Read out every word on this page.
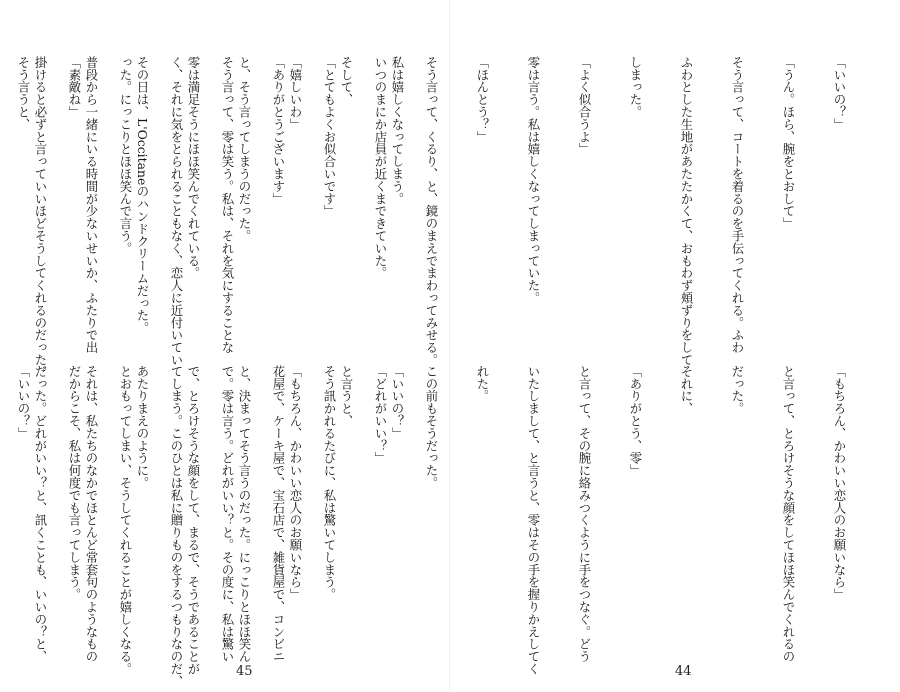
私は嬉しくなってしまう。

そして、

「嬉しいわ」

と、そう言ってしまうのだった。

零は満足そうにほほ笑んでくれている。

その日は、L'Occitaneのハンドクリームだった。

普段から一緒にいる時間が少ないせいか、ふたりで出

掛けると必ずと言っていいほどそうしてくれるのだった。

「いいの？」

と言うと、

「もちろん、かわいい恋人のお願いなら」

と、決まってそう言うのだった。にっこりとほほ笑ん

で、とろけそうな顔をして、まるで、そうであることが

あたりまえのように。

それは、私たちのなかでほとんど常套句のようなもの

だった。どれがいい？と、訊くことも、いいの？と、

45

「いいの？」

「うん。ほら、腕をとおして」

そう言って、コートを着るのを手伝ってくれる。ふわ

ふわとした生地があたたかくて、おもわず頬ずりをして

しまった。

「よく似合うよ」

零は言う。私は嬉しくなってしまっていた。

「ほんとう？」

そう言って、くるり、と、鏡のまえでまわってみせる。

いつのまにか店員が近くまできていた。

「とてもよくお似合いです」

「ありがとうございます」

そう言って、零は笑う。私は、それを気にすることな

く、それに気をとられることもなく、恋人に近付いてい

った。にっこりとほほ笑んで言う。

「素敵ね」

そう言うと、

「もちろん、かわいい恋人のお願いなら」

と言って、とろけそうな顔をしてほほ笑んでくれるの

だった。

それに、

「ありがとう、零」

と言って、その腕に絡みつくように手をつなぐ。どう

いたしまして、と言うと、零はその手を握りかえしてく

れた。

この前もそうだった。

「どれがいい？」

そう訊かれるたびに、私は驚いてしまう。

花屋で、ケーキ屋で、宝石店で、雑貨屋で、コンビニ

で。零は言う。どれがいい？と。その度に、私は驚い

てしまう。このひとは私に贈りものをするつもりなのだ、

とおもってしまい、そうしてくれることが嬉しくなる。

だからこそ、私は何度でも言ってしまう。

「いいの？」

44
